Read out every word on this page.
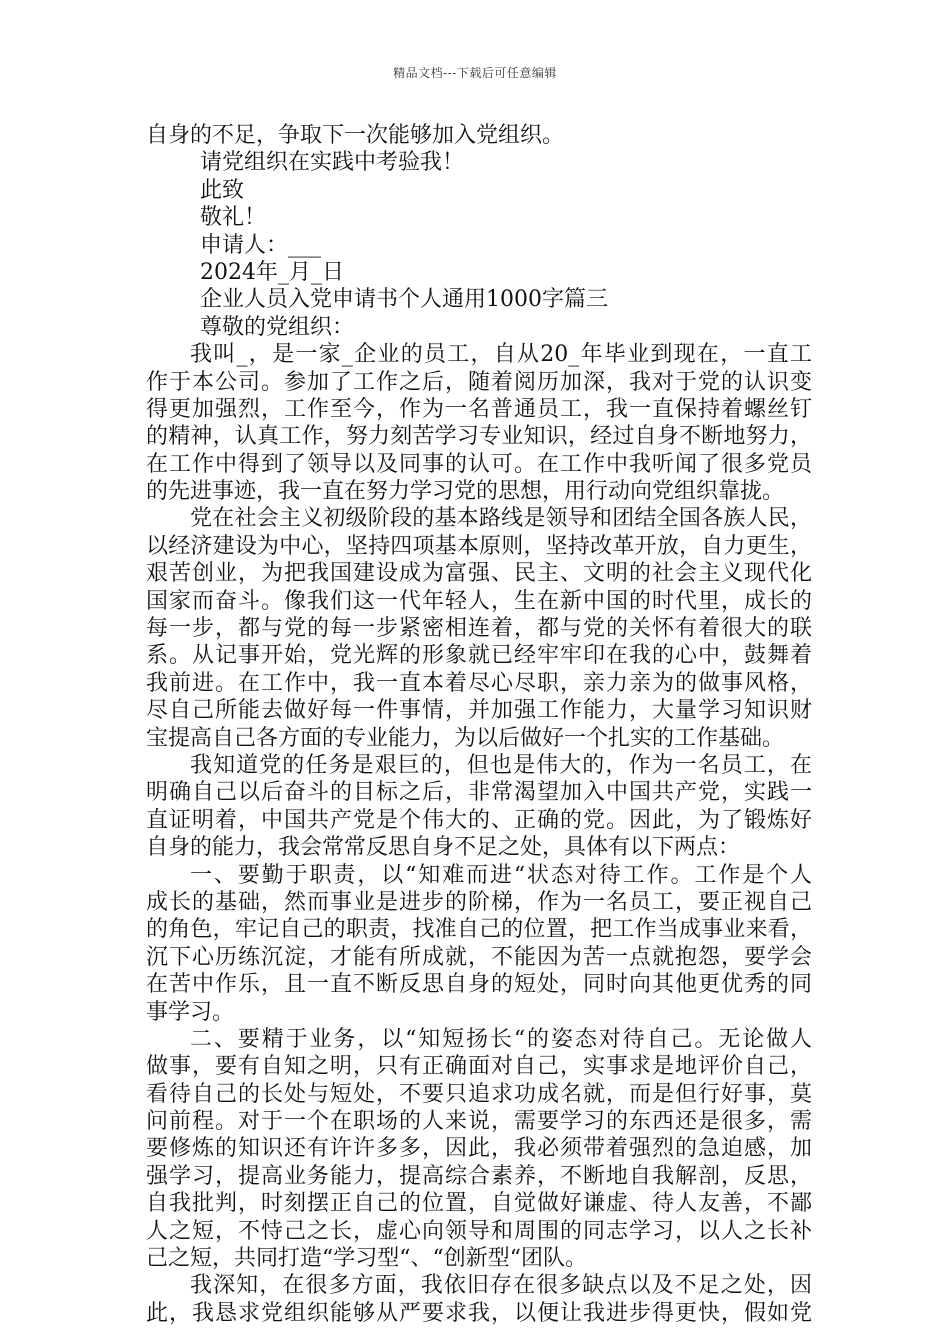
精品文档---下载后可任意编辑
自身的不足，争取下一次能够加入党组织。
请党组织在实践中考验我！
此致
敬礼！
申请人：___
2024年_月_日
企业人员入党申请书个人通用1000字篇三
尊敬的党组织：
我叫_，是一家_企业的员工，自从20_年毕业到现在，一直工
作于本公司。参加了工作之后，随着阅历加深，我对于党的认识变
得更加强烈，工作至今，作为一名普通员工，我一直保持着螺丝钉
的精神，认真工作，努力刻苦学习专业知识，经过自身不断地努力，
在工作中得到了领导以及同事的认可。在工作中我听闻了很多党员
的先进事迹，我一直在努力学习党的思想，用行动向党组织靠拢。
党在社会主义初级阶段的基本路线是领导和团结全国各族人民，
以经济建设为中心，坚持四项基本原则，坚持改革开放，自力更生，
艰苦创业，为把我国建设成为富强、民主、文明的社会主义现代化
国家而奋斗。像我们这一代年轻人，生在新中国的时代里，成长的
每一步，都与党的每一步紧密相连着，都与党的关怀有着很大的联
系。从记事开始，党光辉的形象就已经牢牢印在我的心中，鼓舞着
我前进。在工作中，我一直本着尽心尽职，亲力亲为的做事风格，
尽自己所能去做好每一件事情，并加强工作能力，大量学习知识财
宝提高自己各方面的专业能力，为以后做好一个扎实的工作基础。
我知道党的任务是艰巨的，但也是伟大的，作为一名员工，在
明确自己以后奋斗的目标之后，非常渴望加入中国共产党，实践一
直证明着，中国共产党是个伟大的、正确的党。因此，为了锻炼好
自身的能力，我会常常反思自身不足之处，具体有以下两点：
一、要勤于职责，以“知难而进“状态对待工作。工作是个人
成长的基础，然而事业是进步的阶梯，作为一名员工，要正视自己
的角色，牢记自己的职责，找准自己的位置，把工作当成事业来看，
沉下心历练沉淀，才能有所成就，不能因为苦一点就抱怨，要学会
在苦中作乐，且一直不断反思自身的短处，同时向其他更优秀的同
事学习。
二、要精于业务，以“知短扬长“的姿态对待自己。无论做人
做事，要有自知之明，只有正确面对自己，实事求是地评价自己，
看待自己的长处与短处，不要只追求功成名就，而是但行好事，莫
问前程。对于一个在职场的人来说，需要学习的东西还是很多，需
要修炼的知识还有许许多多，因此，我必须带着强烈的急迫感，加
强学习，提高业务能力，提高综合素养，不断地自我解剖，反思，
自我批判，时刻摆正自己的位置，自觉做好谦虚、待人友善，不鄙
人之短，不恃己之长，虚心向领导和周围的同志学习，以人之长补
己之短，共同打造“学习型“、“创新型“团队。
我深知，在很多方面，我依旧存在很多缺点以及不足之处，因
此，我恳求党组织能够从严要求我，以便让我进步得更快，假如党
